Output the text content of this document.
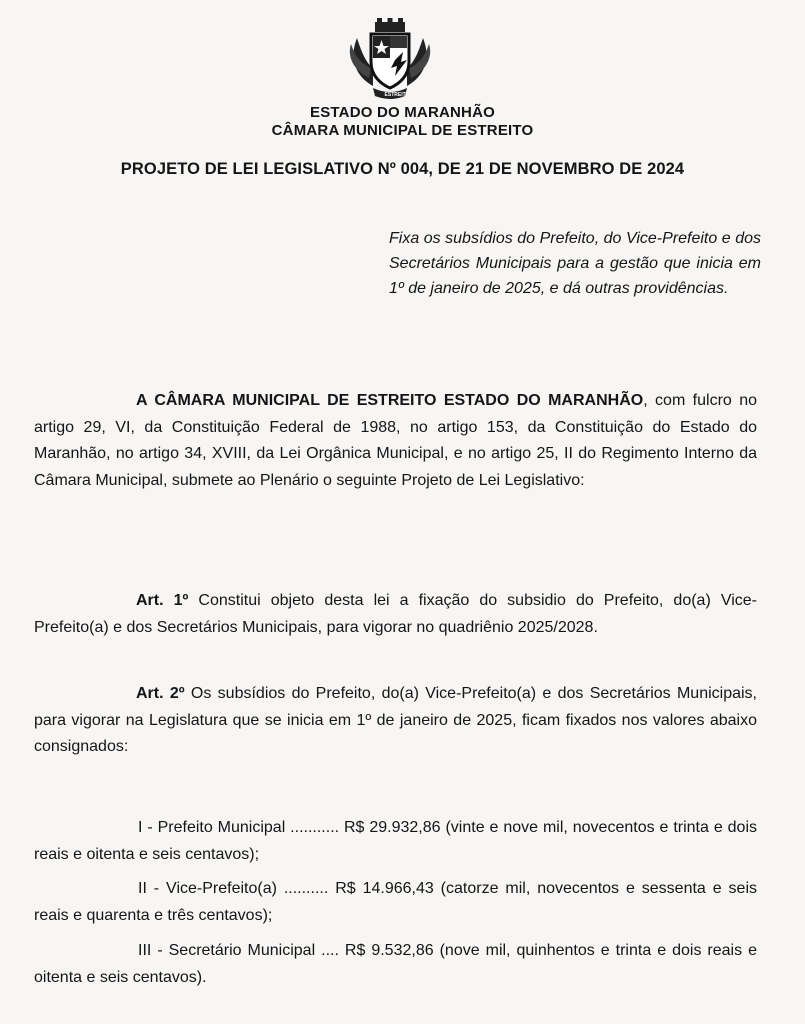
ESTREITO
ESTADO DO MARANHÃO
CÂMARA MUNICIPAL DE ESTREITO
PROJETO DE LEI LEGISLATIVO Nº 004, DE 21 DE NOVEMBRO DE 2024
Fixa os subsídios do Prefeito, do Vice-Prefeito e dos Secretários Municipais para a gestão que inicia em 1º de janeiro de 2025, e dá outras providências.
A CÂMARA MUNICIPAL DE ESTREITO ESTADO DO MARANHÃO, com fulcro no artigo 29, VI, da Constituição Federal de 1988, no artigo 153, da Constituição do Estado do Maranhão, no artigo 34, XVIII, da Lei Orgânica Municipal, e no artigo 25, II do Regimento Interno da Câmara Municipal, submete ao Plenário o seguinte Projeto de Lei Legislativo:
Art. 1º Constitui objeto desta lei a fixação do subsidio do Prefeito, do(a) Vice-Prefeito(a) e dos Secretários Municipais, para vigorar no quadriênio 2025/2028.
Art. 2º Os subsídios do Prefeito, do(a) Vice-Prefeito(a) e dos Secretários Municipais, para vigorar na Legislatura que se inicia em 1º de janeiro de 2025, ficam fixados nos valores abaixo consignados:
I - Prefeito Municipal ........... R$ 29.932,86 (vinte e nove mil, novecentos e trinta e dois reais e oitenta e seis centavos);
II - Vice-Prefeito(a) .......... R$ 14.966,43 (catorze mil, novecentos e sessenta e seis reais e quarenta e três centavos);
III - Secretário Municipal .... R$ 9.532,86 (nove mil, quinhentos e trinta e dois reais e oitenta e seis centavos).
